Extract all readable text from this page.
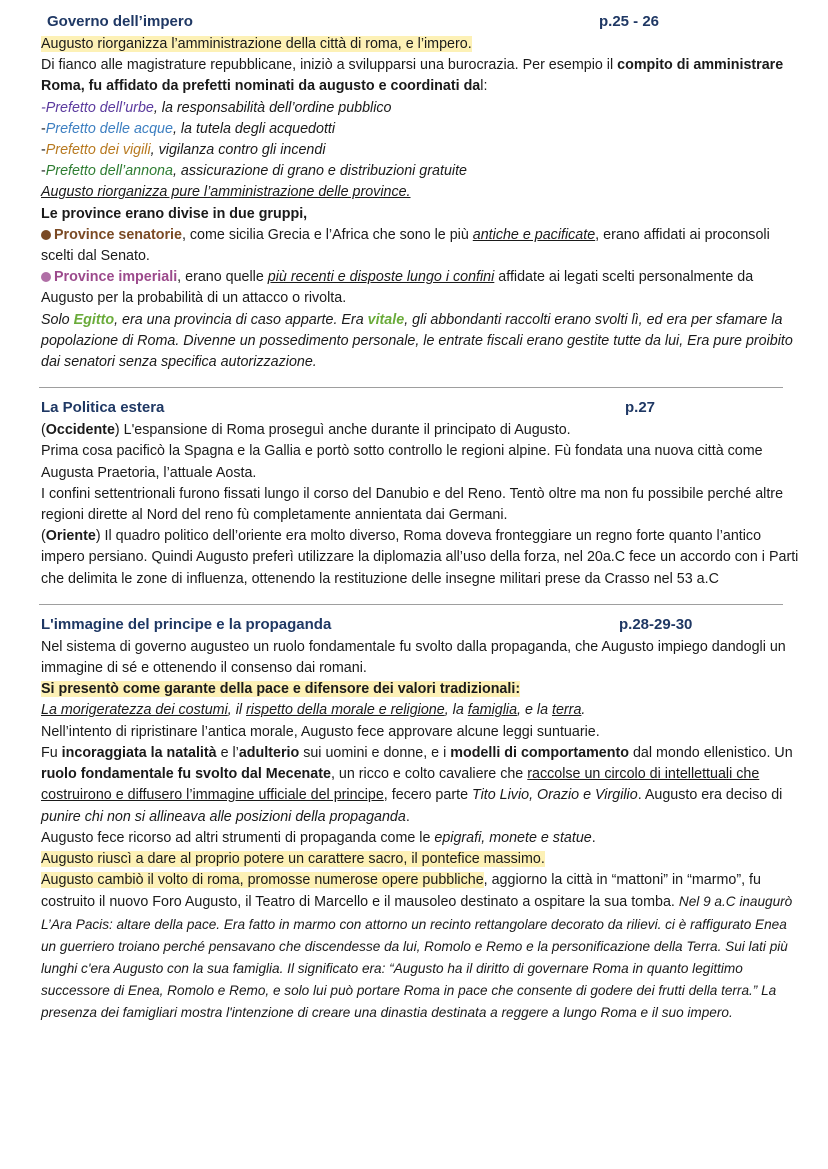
Governo dell’impero	p.25 - 26
Augusto riorganizza l’amministrazione della città di roma, e l’impero.
Di fianco alle magistrature repubblicane, iniziò a svilupparsi una burocrazia. Per esempio il compito di amministrare Roma, fu affidato da prefetti nominati da augusto e coordinati dal:
-Prefetto dell’urbe, la responsabilità dell’ordine pubblico
-Prefetto delle acque, la tutela degli acquedotti
-Prefetto dei vigili, vigilanza contro gli incendi
-Prefetto dell’annona, assicurazione di grano e distribuzioni gratuite
Augusto riorganizza pure l’amministrazione delle province.
Le province erano divise in due gruppi,
Province senatorie, come sicilia Grecia e l’Africa che sono le più antiche e pacificate, erano affidati ai proconsoli scelti dal Senato.
Province imperiali, erano quelle più recenti e disposte lungo i confini affidate ai legati scelti personalmente da Augusto per la probabilità di un attacco o rivolta.
Solo Egitto, era una provincia di caso apparte. Era vitale, gli abbondanti raccolti erano svolti lì, ed era per sfamare la popolazione di Roma. Divenne un possedimento personale, le entrate fiscali erano gestite tutte da lui, Era pure proibito dai senatori senza specifica autorizzazione.
La Politica estera	p.27
(Occidente) L'espansione di Roma proseguì anche durante il principato di Augusto.
Prima cosa pacificò la Spagna e la Gallia e portò sotto controllo le regioni alpine. Fù fondata una nuova città come Augusta Praetoria, l’attuale Aosta.
I confini settentrionali furono fissati lungo il corso del Danubio e del Reno. Tentò oltre ma non fu possibile perché altre regioni dirette al Nord del reno fù completamente annientata dai Germani.
(Oriente) Il quadro politico dell’oriente era molto diverso, Roma doveva fronteggiare un regno forte quanto l’antico impero persiano. Quindi Augusto preferì utilizzare la diplomazia all’uso della forza, nel 20a.C fece un accordo con i Parti che delimita le zone di influenza, ottenendo la restituzione delle insegne militari prese da Crasso nel 53 a.C
L'immagine del principe e la propaganda	p.28-29-30
Nel sistema di governo augusteo un ruolo fondamentale fu svolto dalla propaganda, che Augusto impiego dandogli un immagine di sé e ottenendo il consenso dai romani.
Si presentò come garante della pace e difensore dei valori tradizionali:
La morigeratezza dei costumi, il rispetto della morale e religione, la famiglia, e la terra.
Nell’intento di ripristinare l’antica morale, Augusto fece approvare alcune leggi suntuarie.
Fu incoraggiata la natalità e l’adulterio sui uomini e donne, e i modelli di comportamento dal mondo ellenistico. Un ruolo fondamentale fu svolto dal Mecenate, un ricco e colto cavaliere che raccolse un circolo di intellettuali che costruirono e diffusero l’immagine ufficiale del principe, fecero parte Tito Livio, Orazio e Virgilio. Augusto era deciso di punire chi non si allineava alle posizioni della propaganda.
Augusto fece ricorso ad altri strumenti di propaganda come le epigrafi, monete e statue.
Augusto riuscì a dare al proprio potere un carattere sacro, il pontefice massimo.
Augusto cambiò il volto di roma, promosse numerose opere pubbliche, aggiorno la città in “mattoni” in “marmo”, fu costruito il nuovo Foro Augusto, il Teatro di Marcello e il mausoleo destinato a ospitare la sua tomba. Nel 9 a.C inaugurò L’Ara Pacis: altare della pace. Era fatto in marmo con attorno un recinto rettangolare decorato da rilievi. ci è raffigurato Enea un guerriero troiano perché pensavano che discendesse da lui, Romolo e Remo e la personificazione della Terra. Sui lati più lunghi c'era Augusto con la sua famiglia. Il significato era: “Augusto ha il diritto di governare Roma in quanto legittimo successore di Enea, Romolo e Remo, e solo lui può portare Roma in pace che consente di godere dei frutti della terra.” La presenza dei famigliari mostra l'intenzione di creare una dinastia destinata a reggere a lungo Roma e il suo impero.
